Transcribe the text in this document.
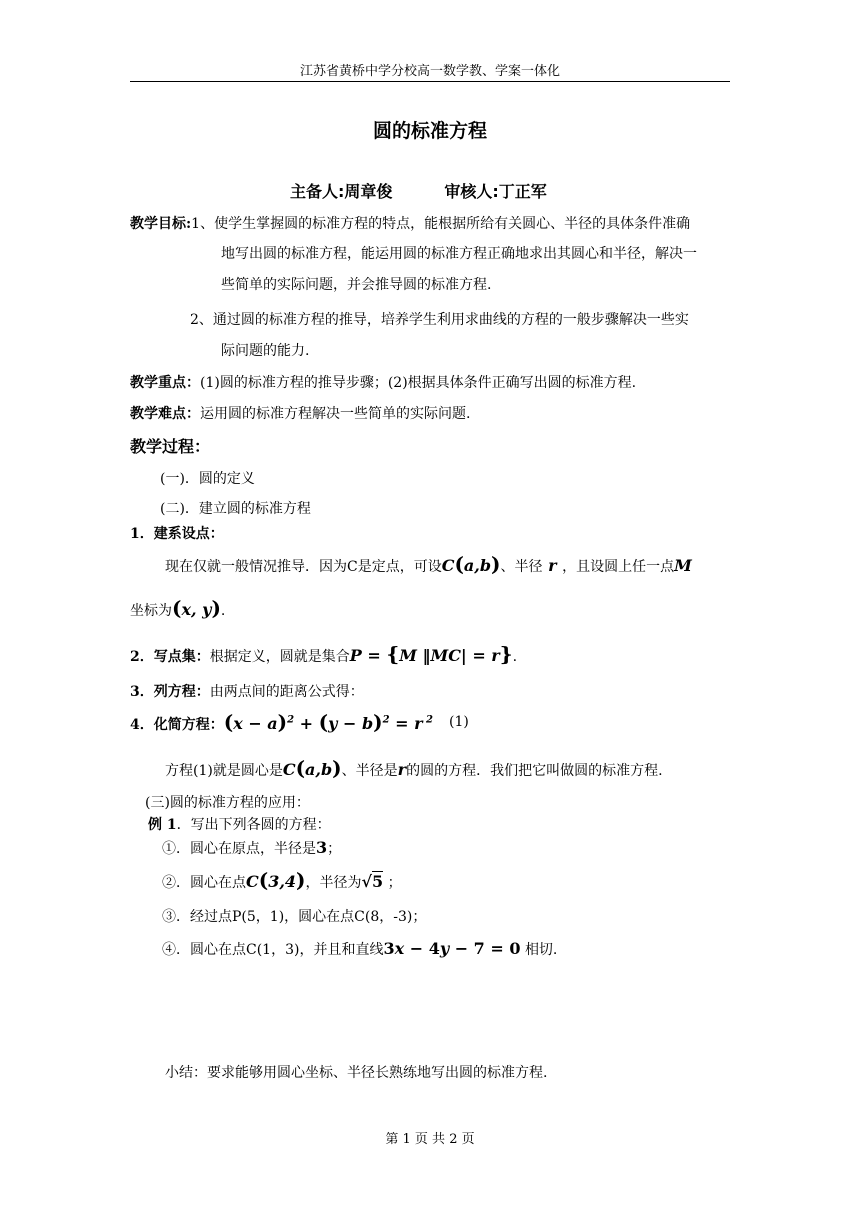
江苏省黄桥中学分校高一数学教、学案一体化
圆的标准方程
主备人:周章俊	审核人:丁正军
教学目标:1、使学生掌握圆的标准方程的特点，能根据所给有关圆心、半径的具体条件准确
地写出圆的标准方程，能运用圆的标准方程正确地求出其圆心和半径，解决一
些简单的实际问题，并会推导圆的标准方程.
2、通过圆的标准方程的推导，培养学生利用求曲线的方程的一般步骤解决一些实
际问题的能力.
教学重点：(1)圆的标准方程的推导步骤；(2)根据具体条件正确写出圆的标准方程.
教学难点：运用圆的标准方程解决一些简单的实际问题.
教学过程：
(一)．圆的定义
(二)．建立圆的标准方程
1．建系设点：
现在仅就一般情况推导．因为C是定点，可设C(a,b)、半径 r ，且设圆上任一点M
坐标为(x, y).
2．写点集：根据定义，圆就是集合P = {M ‖MC| = r}.
3．列方程：由两点间的距离公式得：
4．化简方程：$(x - a)^2 + (y - b)^2 = r$ $^2$ (1)
方程(1)就是圆心是C(a,b)、半径是r的圆的方程．我们把它叫做圆的标准方程.
(三)圆的标准方程的应用：
例 1．写出下列各圆的方程：
①．圆心在原点，半径是3；
②．圆心在点C(3,4)，半径为√5 ；
③．经过点P(5，1)，圆心在点C(8，-3)；
④．圆心在点C(1，3)，并且和直线3x − 4y − 7 = 0 相切.
小结：要求能够用圆心坐标、半径长熟练地写出圆的标准方程.
第 1 页 共 2 页
